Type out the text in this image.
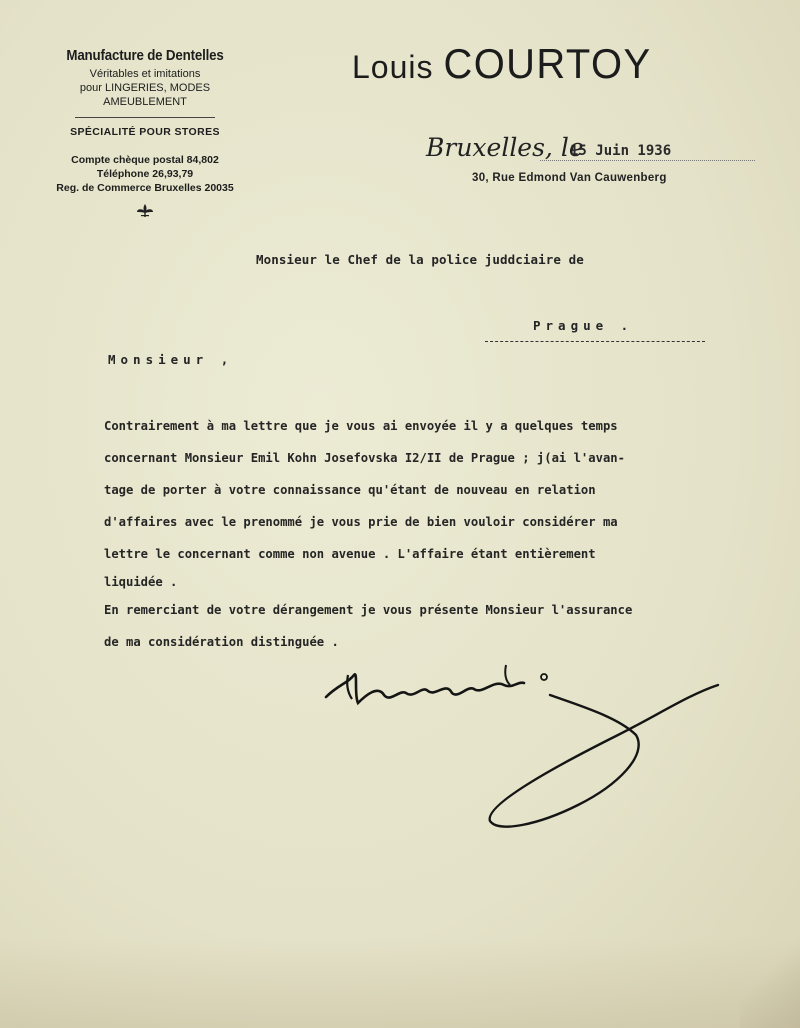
Manufacture de Dentelles
Véritables et imitations
pour LINGERIES, MODES
AMEUBLEMENT
SPÉCIALITÉ POUR STORES
Compte chèque postal 84,802
Téléphone 26,93,79
Reg. de Commerce Bruxelles 20035
Louis COURTOY
Bruxelles, le
15 Juin 1936
30, Rue Edmond Van Cauwenberg
Monsieur le Chef de la police juddciaire de
Prague .
Monsieur ,
Contrairement à ma lettre que je vous ai envoyée il y a quelques temps
concernant Monsieur Emil Kohn Josefovska I2/II de Prague ; j(ai l'avan-
tage de porter à votre connaissance qu'étant de nouveau en relation
d'affaires avec le prenommé je vous prie de bien vouloir considérer ma
lettre le concernant comme non avenue . L'affaire étant entièrement
liquidée .
En remerciant de votre dérangement je vous présente Monsieur l'assurance
de ma considération distinguée .
